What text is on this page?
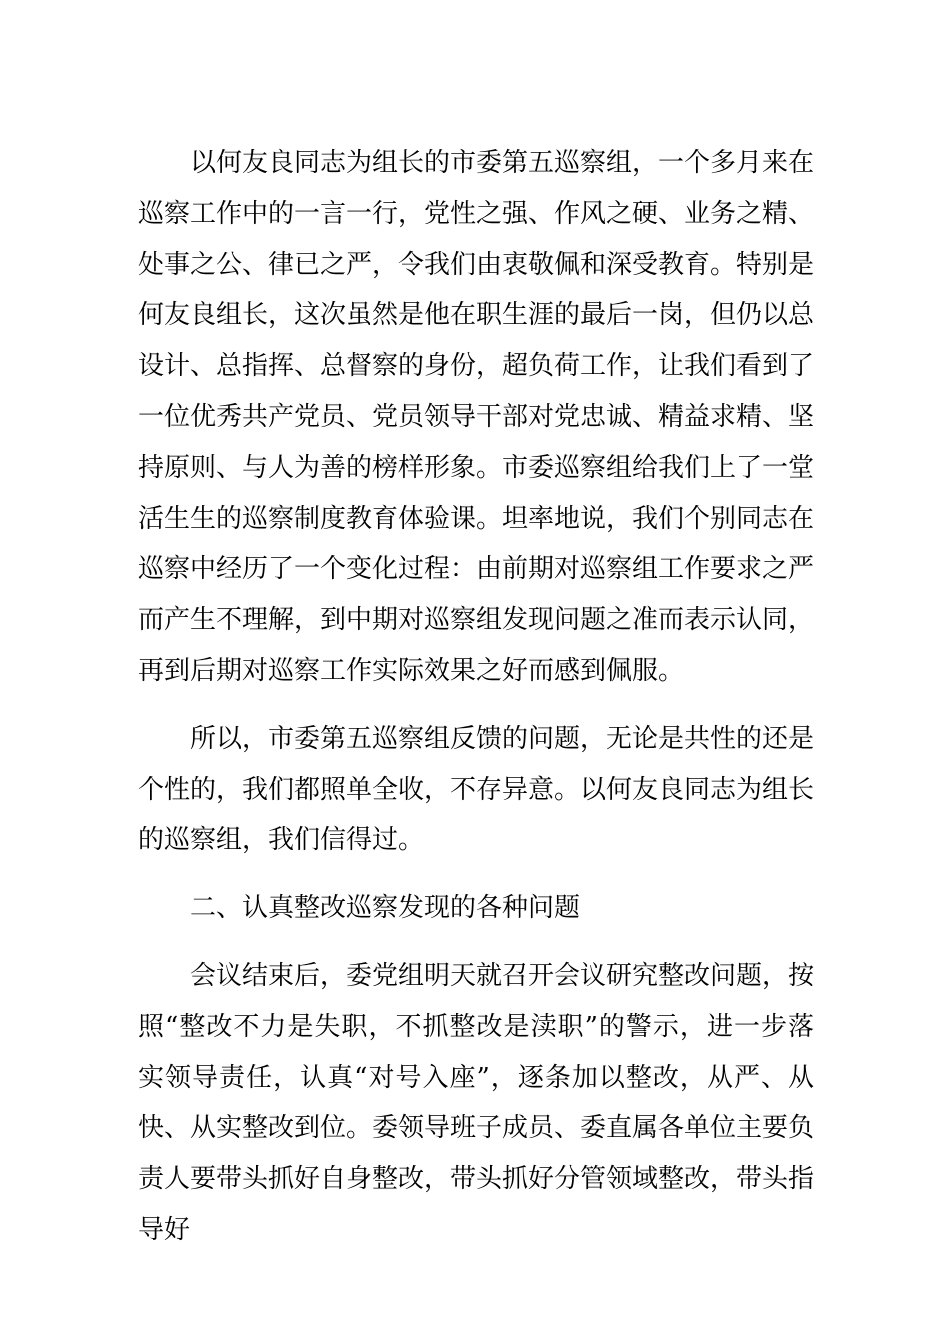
以何友良同志为组长的市委第五巡察组，一个多月来在巡察工作中的一言一行，党性之强、作风之硬、业务之精、处事之公、律已之严，令我们由衷敬佩和深受教育。特别是何友良组长，这次虽然是他在职生涯的最后一岗，但仍以总设计、总指挥、总督察的身份，超负荷工作，让我们看到了一位优秀共产党员、党员领导干部对党忠诚、精益求精、坚持原则、与人为善的榜样形象。市委巡察组给我们上了一堂活生生的巡察制度教育体验课。坦率地说，我们个别同志在巡察中经历了一个变化过程：由前期对巡察组工作要求之严而产生不理解，到中期对巡察组发现问题之准而表示认同，再到后期对巡察工作实际效果之好而感到佩服。

所以，市委第五巡察组反馈的问题，无论是共性的还是个性的，我们都照单全收，不存异意。以何友良同志为组长的巡察组，我们信得过。

二、认真整改巡察发现的各种问题

会议结束后，委党组明天就召开会议研究整改问题，按照“整改不力是失职，不抓整改是渎职”的警示，进一步落实领导责任，认真“对号入座”，逐条加以整改，从严、从快、从实整改到位。委领导班子成员、委直属各单位主要负责人要带头抓好自身整改，带头抓好分管领域整改，带头指导好
